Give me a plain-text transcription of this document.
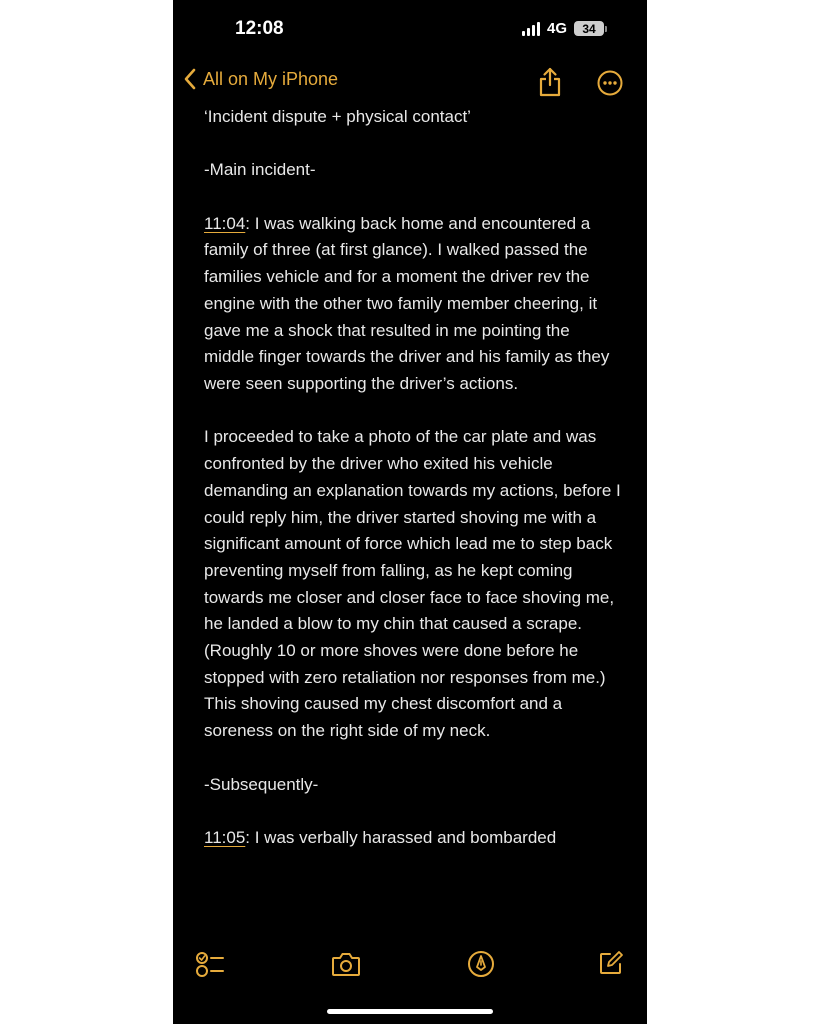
12:08	4G	34
All on My iPhone

‘Incident dispute + physical contact’

-Main incident-

11:04: I was walking back home and encountered a family of three (at first glance). I walked passed the families vehicle and for a moment the driver rev the engine with the other two family member cheering, it gave me a shock that resulted in me pointing the middle finger towards the driver and his family as they were seen supporting the driver’s actions.

I proceeded to take a photo of the car plate and was confronted by the driver who exited his vehicle demanding an explanation towards my actions, before I could reply him, the driver started shoving me with a significant amount of force which lead me to step back preventing myself from falling, as he kept coming towards me closer and closer face to face shoving me, he landed a blow to my chin that caused a scrape. (Roughly 10 or more shoves were done before he stopped with zero retaliation nor responses from me.) This shoving caused my chest discomfort and a soreness on the right side of my neck.

-Subsequently-

11:05: I was verbally harassed and bombarded
